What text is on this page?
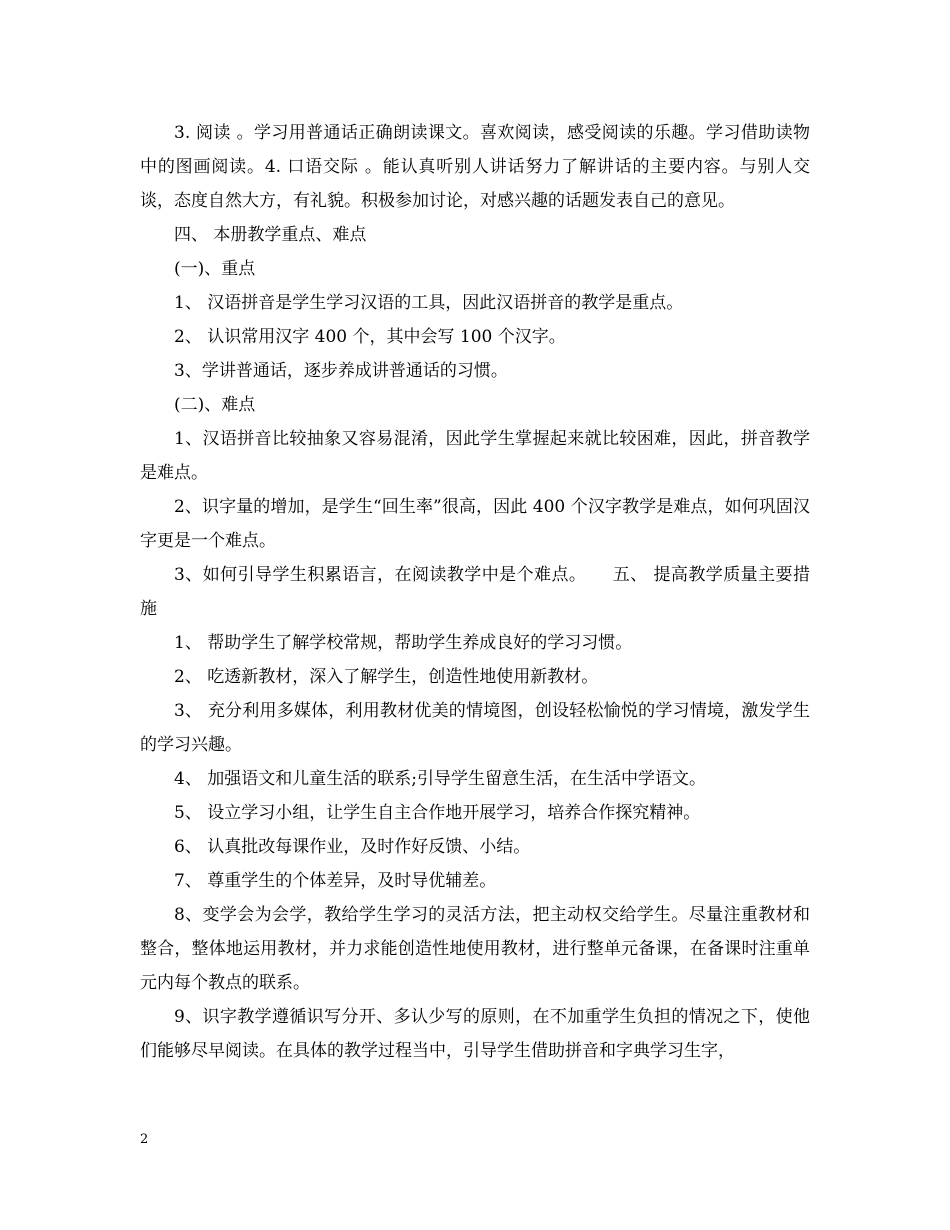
3. 阅读 。学习用普通话正确朗读课文。喜欢阅读，感受阅读的乐趣。学习借助读物中的图画阅读。4. 口语交际 。能认真听别人讲话努力了解讲话的主要内容。与别人交谈，态度自然大方，有礼貌。积极参加讨论，对感兴趣的话题发表自己的意见。

四、 本册教学重点、难点

(一)、重点

1、 汉语拼音是学生学习汉语的工具，因此汉语拼音的教学是重点。

2、 认识常用汉字 400 个，其中会写 100 个汉字。

3、学讲普通话，逐步养成讲普通话的习惯。

(二)、难点

1、汉语拼音比较抽象又容易混淆，因此学生掌握起来就比较困难，因此，拼音教学是难点。

2、识字量的增加，是学生“回生率”很高，因此 400 个汉字教学是难点，如何巩固汉字更是一个难点。

3、如何引导学生积累语言，在阅读教学中是个难点。　　五、 提高教学质量主要措施

1、 帮助学生了解学校常规，帮助学生养成良好的学习习惯。

2、 吃透新教材，深入了解学生，创造性地使用新教材。

3、 充分利用多媒体，利用教材优美的情境图，创设轻松愉悦的学习情境，激发学生的学习兴趣。

4、 加强语文和儿童生活的联系;引导学生留意生活，在生活中学语文。

5、 设立学习小组，让学生自主合作地开展学习，培养合作探究精神。

6、 认真批改每课作业，及时作好反馈、小结。

7、 尊重学生的个体差异，及时导优辅差。

8、变学会为会学，教给学生学习的灵活方法，把主动权交给学生。尽量注重教材和整合，整体地运用教材，并力求能创造性地使用教材，进行整单元备课，在备课时注重单元内每个教点的联系。

9、识字教学遵循识写分开、多认少写的原则，在不加重学生负担的情况之下，使他们能够尽早阅读。在具体的教学过程当中，引导学生借助拼音和字典学习生字，

2
